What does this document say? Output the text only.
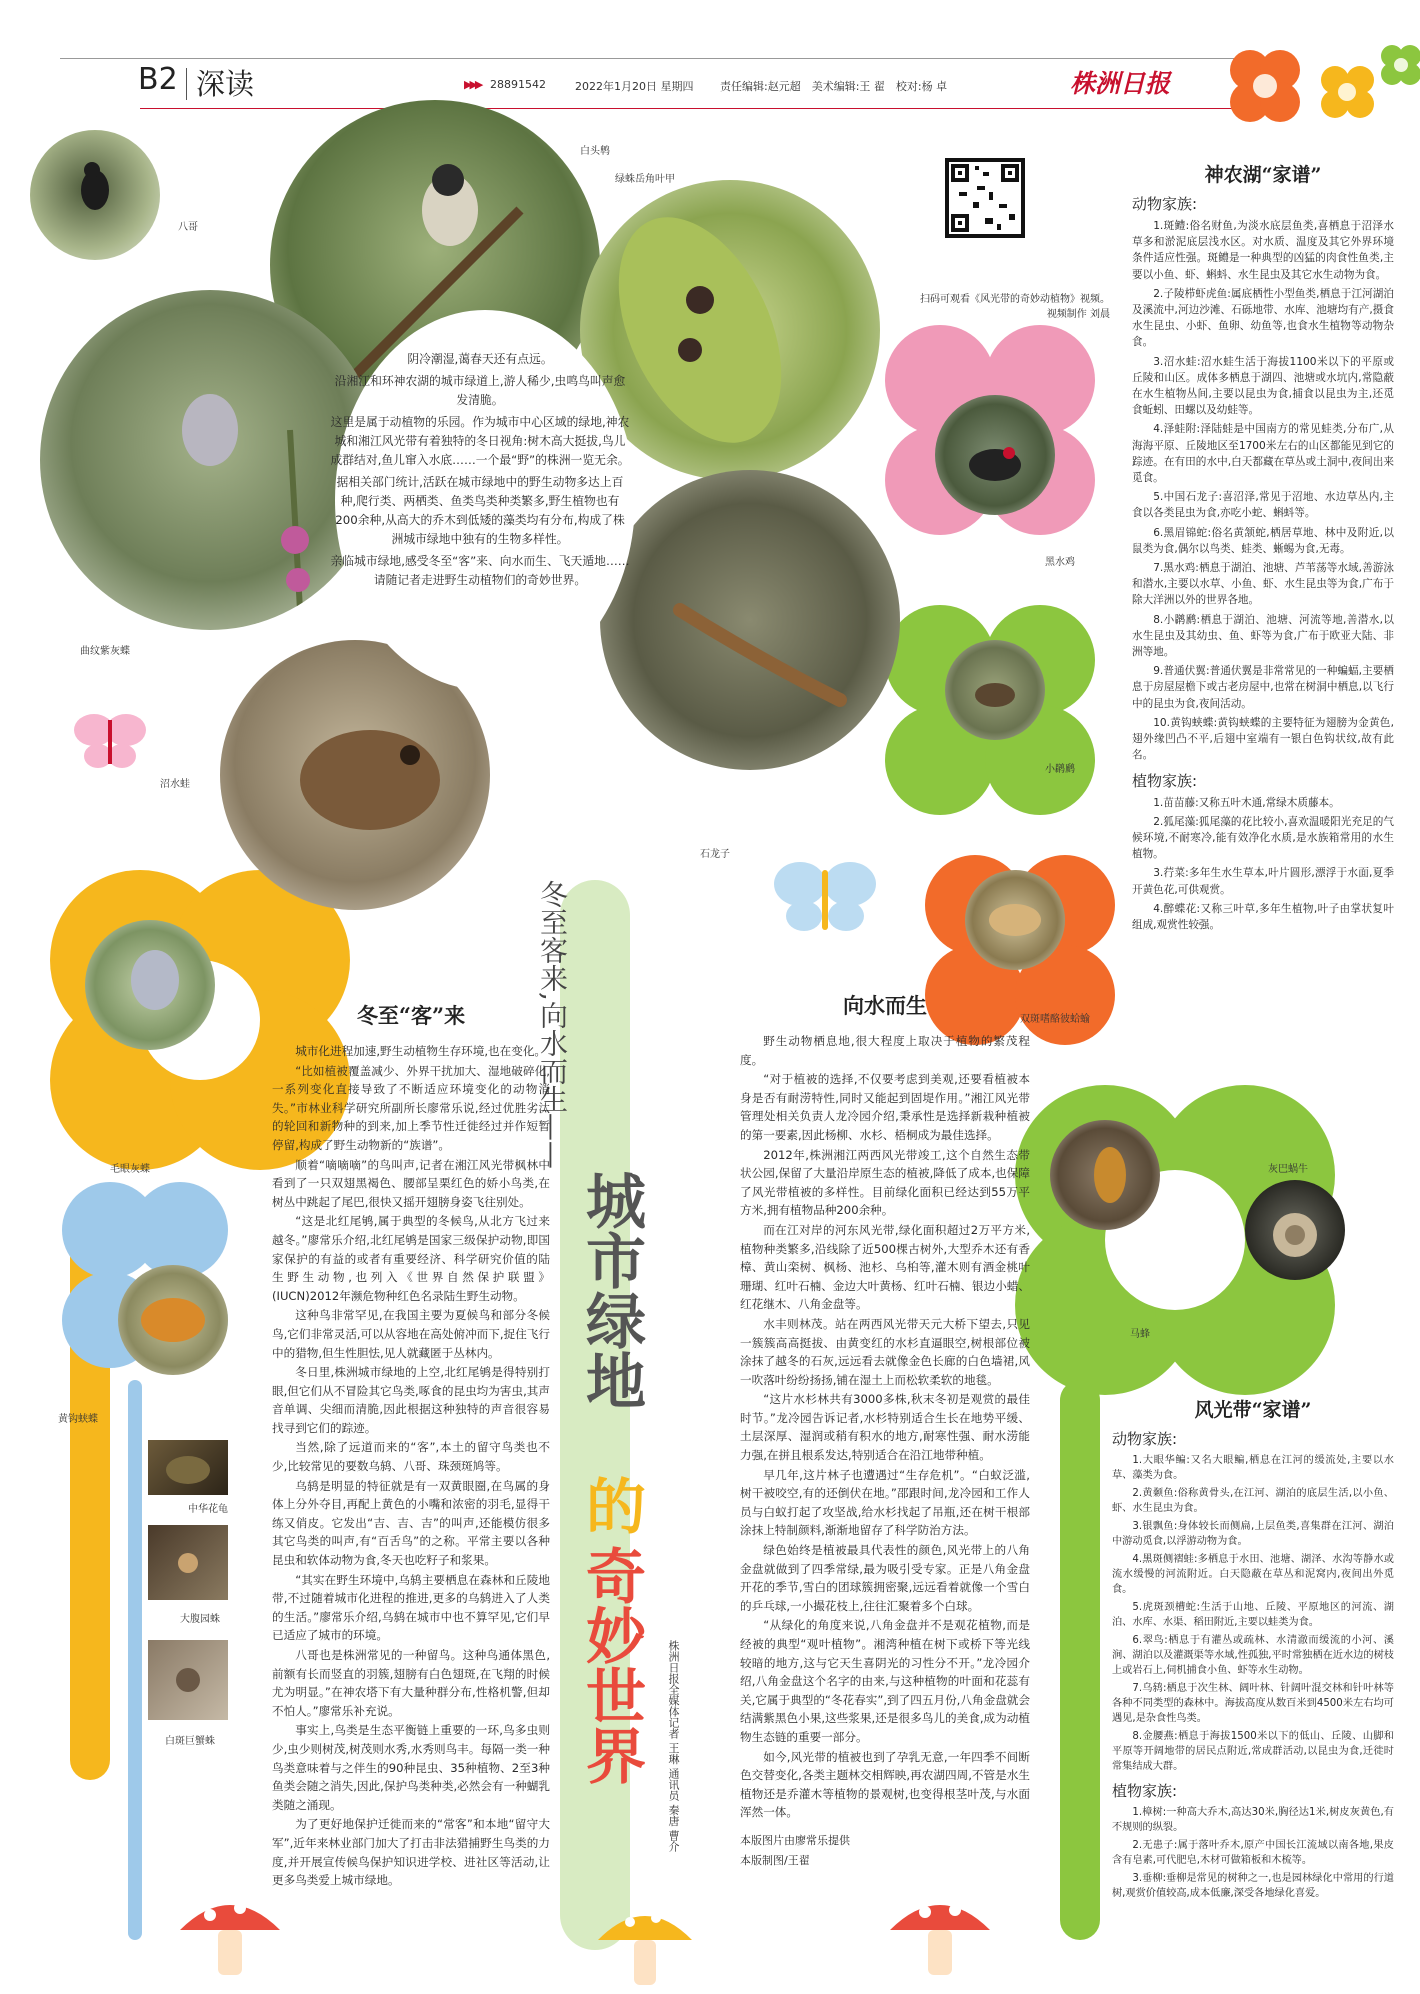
B2 深读	▶▶▶ 28891542	2022年1月20日 星期四 责任编辑:赵元超　美术编辑:王 翟　校对:杨 卓	株洲日报
八哥
白头鹎
绿蛛岳角叶甲
曲纹紫灰蝶
沼水蛙
石龙子

阴冷潮湿,蔼春天还有点远。

沿湘江和环神农湖的城市绿道上,游人稀少,虫鸣鸟叫声愈发清脆。

这里是属于动植物的乐园。作为城市中心区域的绿地,神农城和湘江风光带有着独特的冬日视角:树木高大挺拔,鸟儿成群结对,鱼儿窜入水底……一个最“野”的株洲一览无余。

据相关部门统计,活跃在城市绿地中的野生动物多达上百种,爬行类、两栖类、鱼类鸟类种类繁多,野生植物也有200余种,从高大的乔木到低矮的藻类均有分布,构成了株洲城市绿地中独有的生物多样性。

亲临城市绿地,感受冬至“客”来、向水而生、飞天遁地……请随记者走进野生动植物们的奇妙世界。

扫码可观看《风光带的奇妙动植物》视频。
视频制作 刘晨
黑水鸡
小䴙䴘
双斑嗜酪彼蛤蝓
马蜂
灰巴蜗牛
毛眼灰蝶
黄钩蛱蝶
中华花龟
大腹园蛛
白斑巨蟹蛛
冬至客来,向水而生——
城市绿地
的
奇妙世界	株洲日报全媒体记者 王琳 通讯员 秦唐 曹介
冬至“客”来

城市化进程加速,野生动植物生存环境,也在变化。

“比如植被覆盖减少、外界干扰加大、湿地破碎化,一系列变化直接导致了不断适应环境变化的动物消失。”市林业科学研究所副所长廖常乐说,经过优胜劣汰的轮回和新物种的到来,加上季节性迁徙经过并作短暂停留,构成了野生动物新的“族谱”。

顺着“嘀嘀嘀”的鸟叫声,记者在湘江风光带枫林中看到了一只双翅黑褐色、腰部呈栗红色的娇小鸟类,在树丛中跳起了尾巴,很快又摇开翅膀身姿飞往别处。

“这是北红尾鸲,属于典型的冬候鸟,从北方飞过来越冬。”廖常乐介绍,北红尾鸲是国家三级保护动物,即国家保护的有益的或者有重要经济、科学研究价值的陆生野生动物,也列入《世界自然保护联盟》(IUCN)2012年濒危物种红色名录陆生野生动物。

这种鸟非常罕见,在我国主要为夏候鸟和部分冬候鸟,它们非常灵活,可以从容地在高处俯冲而下,捉住飞行中的猎物,但生性胆怯,见人就藏匿于丛林内。

冬日里,株洲城市绿地的上空,北红尾鸲是得特别打眼,但它们从不冒险其它鸟类,啄食的昆虫均为害虫,其声音单调、尖细而清脆,因此根据这种独特的声音很容易找寻到它们的踪迹。

当然,除了远道而来的“客”,本土的留守鸟类也不少,比较常见的要数乌鸫、八哥、珠颈斑鸠等。

乌鸫是明显的特征就是有一双黄眼圈,在鸟属的身体上分外夺目,再配上黄色的小嘴和浓密的羽毛,显得干练又俏皮。它发出“吉、吉、吉”的叫声,还能模仿很多其它鸟类的叫声,有“百舌鸟”的之称。平常主要以各种昆虫和软体动物为食,冬天也吃籽子和浆果。

“其实在野生环境中,乌鸫主要栖息在森林和丘陵地带,不过随着城市化进程的推进,更多的乌鸫进入了人类的生活。”廖常乐介绍,乌鸫在城市中也不算罕见,它们早已适应了城市的环境。

八哥也是株洲常见的一种留鸟。这种鸟通体黑色,前额有长而竖直的羽簇,翅膀有白色翅斑,在飞翔的时候尤为明显。”在神农塔下有大量种群分布,性格机警,但却不怕人。”廖常乐补充说。

事实上,鸟类是生态平衡链上重要的一环,鸟多虫则少,虫少则树茂,树茂则水秀,水秀则鸟丰。每隔一类一种鸟类意味着与之伴生的90种昆虫、35种植物、2至3种鱼类会随之消失,因此,保护鸟类种类,必然会有一种蝴乳类随之涌现。

为了更好地保护迁徙而来的“常客”和本地“留守大军”,近年来林业部门加大了打击非法猎捕野生鸟类的力度,并开展宣传候鸟保护知识进学校、进社区等活动,让更多鸟类爱上城市绿地。

向水而生

野生动物栖息地,很大程度上取决于植物的繁茂程度。

“对于植被的选择,不仅要考虑到美观,还要看植被本身是否有耐涝特性,同时又能起到固堤作用。”湘江风光带管理处相关负责人龙冷园介绍,秉承性是选择新栽种植被的第一要素,因此杨柳、水杉、梧桐成为最佳选择。

2012年,株洲湘江两西风光带竣工,这个自然生态带状公园,保留了大量沿岸原生态的植被,降低了成本,也保障了风光带植被的多样性。目前绿化面积已经达到55万平方米,拥有植物品种200余种。

而在江对岸的河东风光带,绿化面积超过2万平方米,植物种类繁多,沿线除了近500棵古树外,大型乔木还有香樟、黄山栾树、枫杨、池杉、乌桕等,灌木则有酒金桃叶珊瑚、红叶石楠、金边大叶黄杨、红叶石楠、银边小蜡、红花继木、八角金盘等。

水丰则林茂。站在两西风光带天元大桥下望去,只见一簇簇高高挺拔、由黄变红的水杉直逼眼空,树根部位被涂抹了越冬的石灰,远远看去就像金色长廊的白色墙裙,风一吹落叶纷纷扬扬,铺在湿土上而松软柔软的地毯。

“这片水杉林共有3000多株,秋末冬初是观赏的最佳时节。”龙冷园告诉记者,水杉特别适合生长在地势平缓、土层深厚、湿润或稍有积水的地方,耐寒性强、耐水涝能力强,在拼且根系发达,特别适合在沿江地带种植。

早几年,这片林子也遭遇过“生存危机”。“白蚁泛滥,树干被咬空,有的还倒伏在地。”邵跟时间,龙冷园和工作人员与白蚁打起了攻坚战,给水杉找起了吊瓶,还在树干根部涂抹上特制颜料,渐渐地留存了科学防治方法。

绿色始终是植被最具代表性的颜色,风光带上的八角金盘就做到了四季常绿,最为吸引受专家。正是八角金盘开花的季节,雪白的团球簇拥密聚,远远看着就像一个雪白的乒乓球,一小撮花枝上,往往汇聚着多个白球。

“从绿化的角度来说,八角金盘并不是观花植物,而是经被的典型“观叶植物”。湘湾种植在树下或桥下等光线较暗的地方,这与它天生喜阴光的习性分不开。”龙冷园介绍,八角金盘这个名字的由来,与这种植物的叶面和花蕊有关,它属于典型的“冬花春实”,到了四五月份,八角金盘就会结满紫黑色小果,这些浆果,还是很多鸟儿的美食,成为动植物生态链的重要一部分。

如今,风光带的植被也到了孕乳无意,一年四季不间断色交替变化,各类主题林交相辉映,再农湖四周,不管是水生植物还是乔灌木等植物的景观树,也变得根茎叶茂,与水面浑然一体。

本版图片由廖常乐提供
本版制图/王翟
神农湖“家谱”
动物家族:

1.斑鳢:俗名财鱼,为淡水底层鱼类,喜栖息于沼泽水草多和淤泥底层浅水区。对水质、温度及其它外界环境条件适应性强。斑鳢是一种典型的凶猛的肉食性鱼类,主要以小鱼、虾、蝌蚪、水生昆虫及其它水生动物为食。

2.子陵栉虾虎鱼:属底栖性小型鱼类,栖息于江河湖泊及溪流中,河边沙滩、石砾地带、水库、池塘均有产,摄食水生昆虫、小虾、鱼卵、幼鱼等,也食水生植物等动物杂食。

3.沼水蛙:沼水蛙生活于海拔1100米以下的平原或丘陵和山区。成体多栖息于湖四、池塘或水坑内,常隐蔽在水生植物丛间,主要以昆虫为食,捕食以昆虫为主,还觅食蚯蚓、田螺以及幼蛙等。

4.泽蛙附:泽陆蛙是中国南方的常见蛙类,分布广,从海海平原、丘陵地区至1700米左右的山区都能见到它的踪迹。在有田的水中,白天都藏在草丛或土洞中,夜间出来觅食。

5.中国石龙子:喜沼泽,常见于沼地、水边草丛内,主食以各类昆虫为食,亦吃小蛇、蝌蚪等。

6.黑眉锦蛇:俗名黄颔蛇,栖居草地、林中及附近,以鼠类为食,偶尔以鸟类、蛙类、蜥蜴为食,无毒。

7.黑水鸡:栖息于湖泊、池塘、芦苇荡等水域,善游泳和潜水,主要以水草、小鱼、虾、水生昆虫等为食,广布于除大洋洲以外的世界各地。

8.小䴙䴘:栖息于湖泊、池塘、河流等地,善潜水,以水生昆虫及其幼虫、鱼、虾等为食,广布于欧亚大陆、非洲等地。

9.普通伏翼:普通伏翼是非常常见的一种蝙蝠,主要栖息于房屋屋檐下或古老房屋中,也常在树洞中栖息,以飞行中的昆虫为食,夜间活动。

10.黄钩蛱蝶:黄钩蛱蝶的主要特征为翅膀为金黄色,翅外缘凹凸不平,后翅中室端有一银白色钩状纹,故有此名。

植物家族:

1.苗苗藤:又称五叶木通,常绿木质藤本。

2.狐尾藻:狐尾藻的花比较小,喜欢温暖阳光充足的气候环境,不耐寒冷,能有效净化水质,是水族箱常用的水生植物。

3.荇菜:多年生水生草本,叶片圆形,漂浮于水面,夏季开黄色花,可供观赏。

4.醉蝶花:又称三叶草,多年生植物,叶子由掌状复叶组成,观赏性较强。

风光带“家谱”
动物家族:

1.大眼华鳊:又名大眼鳊,栖息在江河的缓流处,主要以水草、藻类为食。

2.黄颡鱼:俗称黄骨头,在江河、湖泊的底层生活,以小鱼、虾、水生昆虫为食。

3.银飘鱼:身体较长而侧扁,上层鱼类,喜集群在江河、湖泊中游动觅食,以浮游动物为食。

4.黑斑侧褶蛙:多栖息于水田、池塘、湖泽、水沟等静水或流水缓慢的河流附近。白天隐蔽在草丛和泥窝内,夜间出外觅食。

5.虎斑颈槽蛇:生活于山地、丘陵、平原地区的河流、湖泊、水库、水渠、稻田附近,主要以蛙类为食。

6.翠鸟:栖息于有灌丛或疏林、水清澈而缓流的小河、溪涧、湖泊以及灌溉渠等水域,性孤独,平时常独栖在近水边的树枝上或岩石上,伺机捕食小鱼、虾等水生动物。

7.乌鸫:栖息于次生林、阔叶林、针阔叶混交林和针叶林等各种不同类型的森林中。海拔高度从数百米到4500米左右均可遇见,是杂食性鸟类。

8.金腰燕:栖息于海拔1500米以下的低山、丘陵、山脚和平原等开阔地带的居民点附近,常成群活动,以昆虫为食,迁徙时常集结成大群。

植物家族:

1.樟树:一种高大乔木,高达30米,胸径达1米,树皮灰黄色,有不规则的纵裂。

2.无患子:属于落叶乔木,原产中国长江流域以南各地,果皮含有皂素,可代肥皂,木材可做箱板和木梳等。

3.垂柳:垂柳是常见的树种之一,也是园林绿化中常用的行道树,观赏价值较高,成本低廉,深受各地绿化喜爱。
